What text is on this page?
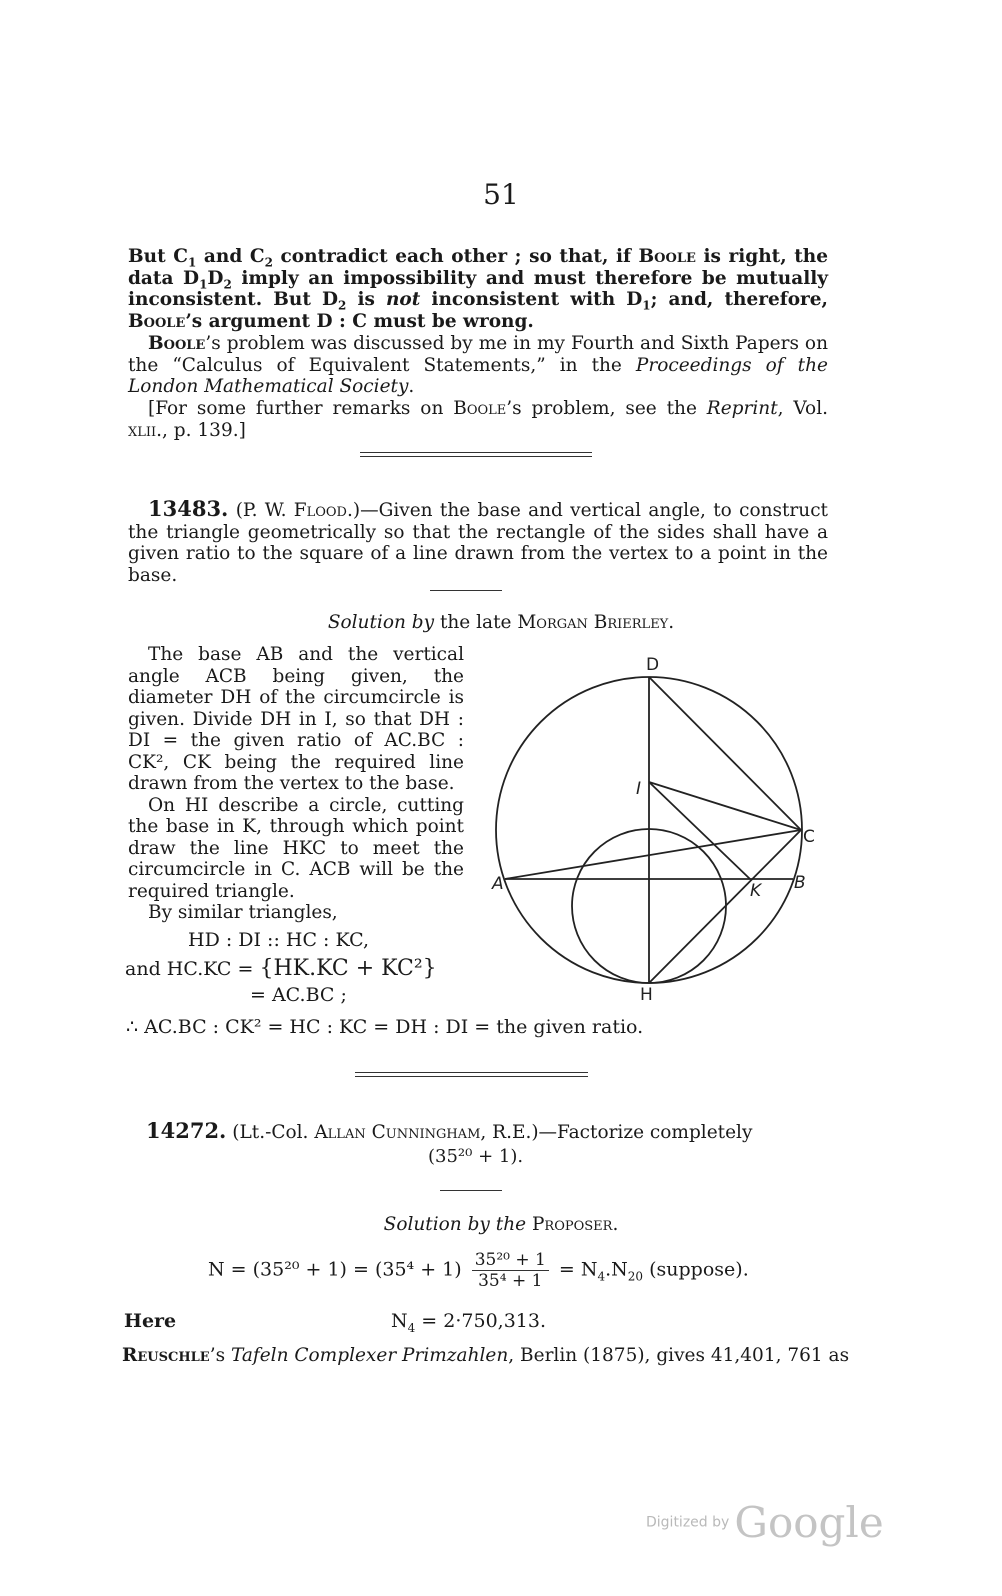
51

But $C_1$ and $C_2$ contradict each other ; so that, if Boole is right, the data $D_1D_2$ imply an impossibility and must therefore be mutually inconsistent. But $D_2$ is not inconsistent with $D_1$; and, therefore, Boole’s argument D : C must be wrong.

Boole’s problem was discussed by me in my Fourth and Sixth Papers on the “Calculus of Equivalent Statements,” in the Proceedings of the London Mathematical Society.

[For some further remarks on Boole’s problem, see the Reprint, Vol. xlii., p. 139.]

13483. (P. W. Flood.)—Given the base and vertical angle, to construct the triangle geometrically so that the rectangle of the sides shall have a given ratio to the square of a line drawn from the vertex to a point in the base.

Solution by the late Morgan Brierley.

The base AB and the vertical angle ACB being given, the diameter DH of the circumcircle is given. Divide DH in I, so that DH : DI = the given ratio of AC.BC : CK², CK being the required line drawn from the vertex to the base.

On HI describe a circle, cutting the base in K, through which point draw the line HKC to meet the circumcircle in C. ACB will be the required triangle.

By similar triangles,

HD : DI :: HC : KC,
and HC.KC = {HK.KC + KC²}
= AC.BC ;
∴ AC.BC : CK² = HC : KC = DH : DI = the given ratio.
D
I
C
A	K B
H
14272. (Lt.-Col. Allan Cunningham, R.E.)—Factorize completely
(35²⁰ + 1).
Solution by the Proposer.
$N = (35^{20} + 1) = (35^4 + 1) \frac{\text{35²⁰ + 1}}{\text{35⁴ + 1}} = N_4.N_{20}$ (suppose).
Here	$N_4 = 2\cdot 750,313$.
Reuschle’s Tafeln Complexer Primzahlen, Berlin (1875), gives 41,401, 761 as
Digitized by Google
